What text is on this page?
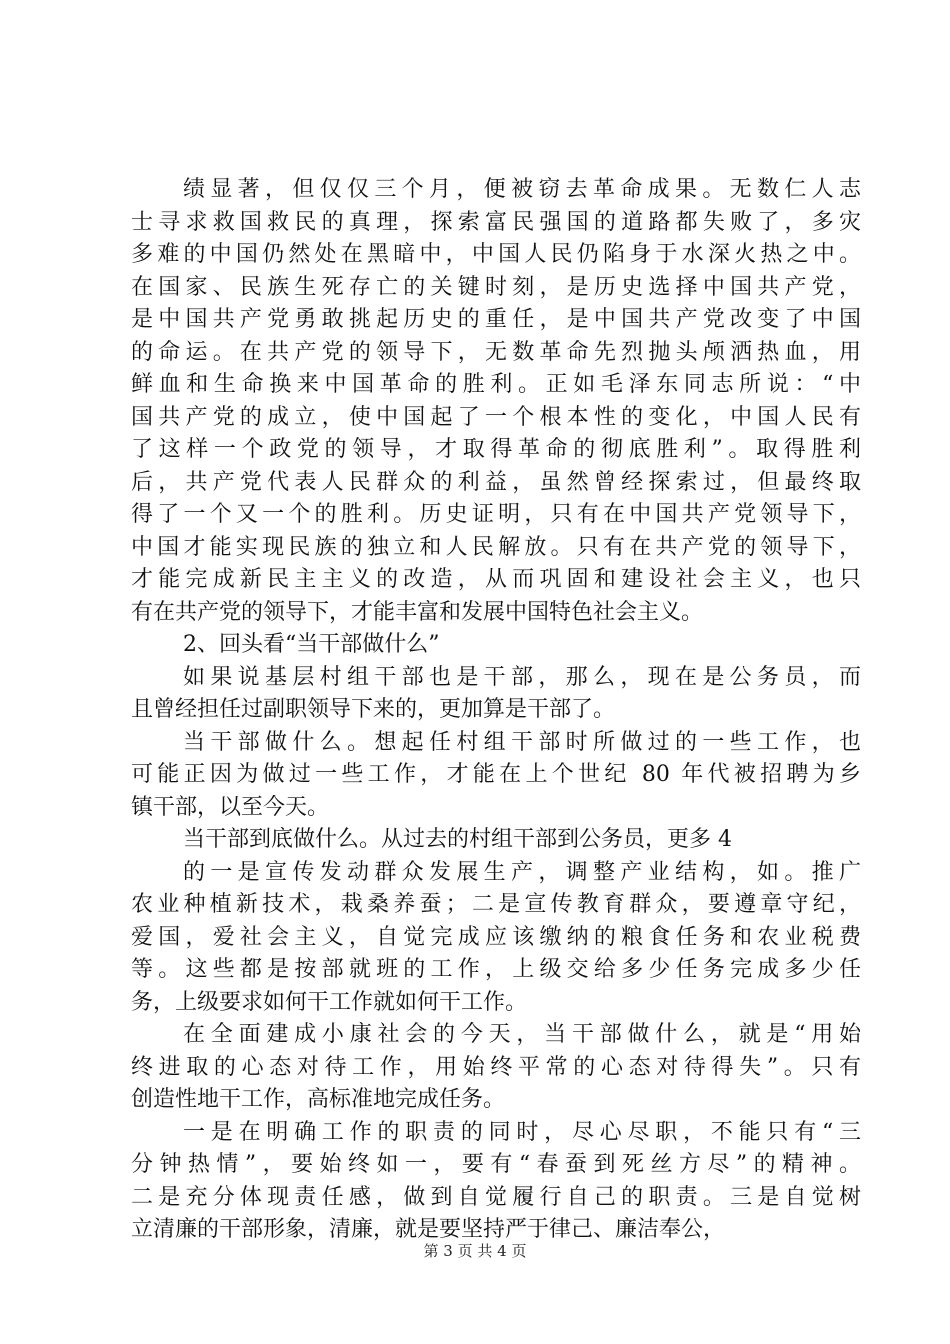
绩显著，但仅仅三个月，便被窃去革命成果。无数仁人志
士寻求救国救民的真理，探索富民强国的道路都失败了，多灾
多难的中国仍然处在黑暗中，中国人民仍陷身于水深火热之中。
在国家、民族生死存亡的关键时刻，是历史选择中国共产党，
是中国共产党勇敢挑起历史的重任，是中国共产党改变了中国
的命运。在共产党的领导下，无数革命先烈抛头颅洒热血，用
鲜血和生命换来中国革命的胜利。正如毛泽东同志所说：“中
国共产党的成立，使中国起了一个根本性的变化，中国人民有
了这样一个政党的领导，才取得革命的彻底胜利”。取得胜利
后，共产党代表人民群众的利益，虽然曾经探索过，但最终取
得了一个又一个的胜利。历史证明，只有在中国共产党领导下，
中国才能实现民族的独立和人民解放。只有在共产党的领导下，
才能完成新民主主义的改造，从而巩固和建设社会主义，也只
有在共产党的领导下，才能丰富和发展中国特色社会主义。
2、回头看“当干部做什么”
如果说基层村组干部也是干部，那么，现在是公务员，而
且曾经担任过副职领导下来的，更加算是干部了。
当干部做什么。想起任村组干部时所做过的一些工作，也
可能正因为做过一些工作，才能在上个世纪 80 年代被招聘为乡
镇干部，以至今天。
当干部到底做什么。从过去的村组干部到公务员，更多 4
的一是宣传发动群众发展生产，调整产业结构，如。推广
农业种植新技术，栽桑养蚕；二是宣传教育群众，要遵章守纪，
爱国，爱社会主义，自觉完成应该缴纳的粮食任务和农业税费
等。这些都是按部就班的工作，上级交给多少任务完成多少任
务，上级要求如何干工作就如何干工作。
在全面建成小康社会的今天，当干部做什么，就是“用始
终进取的心态对待工作，用始终平常的心态对待得失”。只有
创造性地干工作，高标准地完成任务。
一是在明确工作的职责的同时，尽心尽职，不能只有“三
分钟热情”，要始终如一，要有“春蚕到死丝方尽”的精神。
二是充分体现责任感，做到自觉履行自己的职责。三是自觉树
立清廉的干部形象，清廉，就是要坚持严于律己、廉洁奉公，
第 3 页 共 4 页
